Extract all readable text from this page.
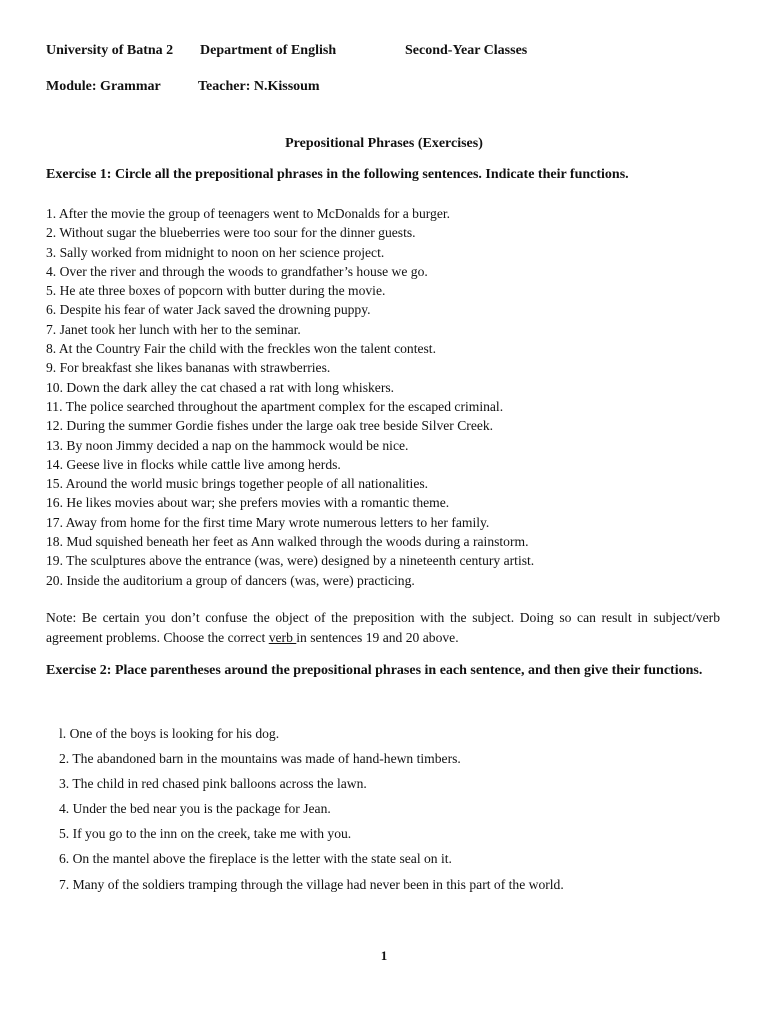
University of Batna 2 Department of English	Second-Year Classes
Module: Grammar	Teacher: N.Kissoum
Prepositional Phrases (Exercises)
Exercise 1: Circle all the prepositional phrases in the following sentences. Indicate their functions.
1. After the movie the group of teenagers went to McDonalds for a burger.
2. Without sugar the blueberries were too sour for the dinner guests.
3. Sally worked from midnight to noon on her science project.
4. Over the river and through the woods to grandfather’s house we go.
5. He ate three boxes of popcorn with butter during the movie.
6. Despite his fear of water Jack saved the drowning puppy.
7. Janet took her lunch with her to the seminar.
8. At the Country Fair the child with the freckles won the talent contest.
9. For breakfast she likes bananas with strawberries.
10. Down the dark alley the cat chased a rat with long whiskers.
11. The police searched throughout the apartment complex for the escaped criminal.
12. During the summer Gordie fishes under the large oak tree beside Silver Creek.
13. By noon Jimmy decided a nap on the hammock would be nice.
14. Geese live in flocks while cattle live among herds.
15. Around the world music brings together people of all nationalities.
16. He likes movies about war; she prefers movies with a romantic theme.
17. Away from home for the first time Mary wrote numerous letters to her family.
18. Mud squished beneath her feet as Ann walked through the woods during a rainstorm.
19. The sculptures above the entrance (was, were) designed by a nineteenth century artist.
20. Inside the auditorium a group of dancers (was, were) practicing.
Note: Be certain you don’t confuse the object of the preposition with the subject. Doing so can result in subject/verb agreement problems. Choose the correct verb in sentences 19 and 20 above.
Exercise 2: Place parentheses around the prepositional phrases in each sentence, and then give their functions.
l. One of the boys is looking for his dog.
2. The abandoned barn in the mountains was made of hand-hewn timbers.
3. The child in red chased pink balloons across the lawn.
4. Under the bed near you is the package for Jean.
5. If you go to the inn on the creek, take me with you.
6. On the mantel above the fireplace is the letter with the state seal on it.
7. Many of the soldiers tramping through the village had never been in this part of the world.
1
